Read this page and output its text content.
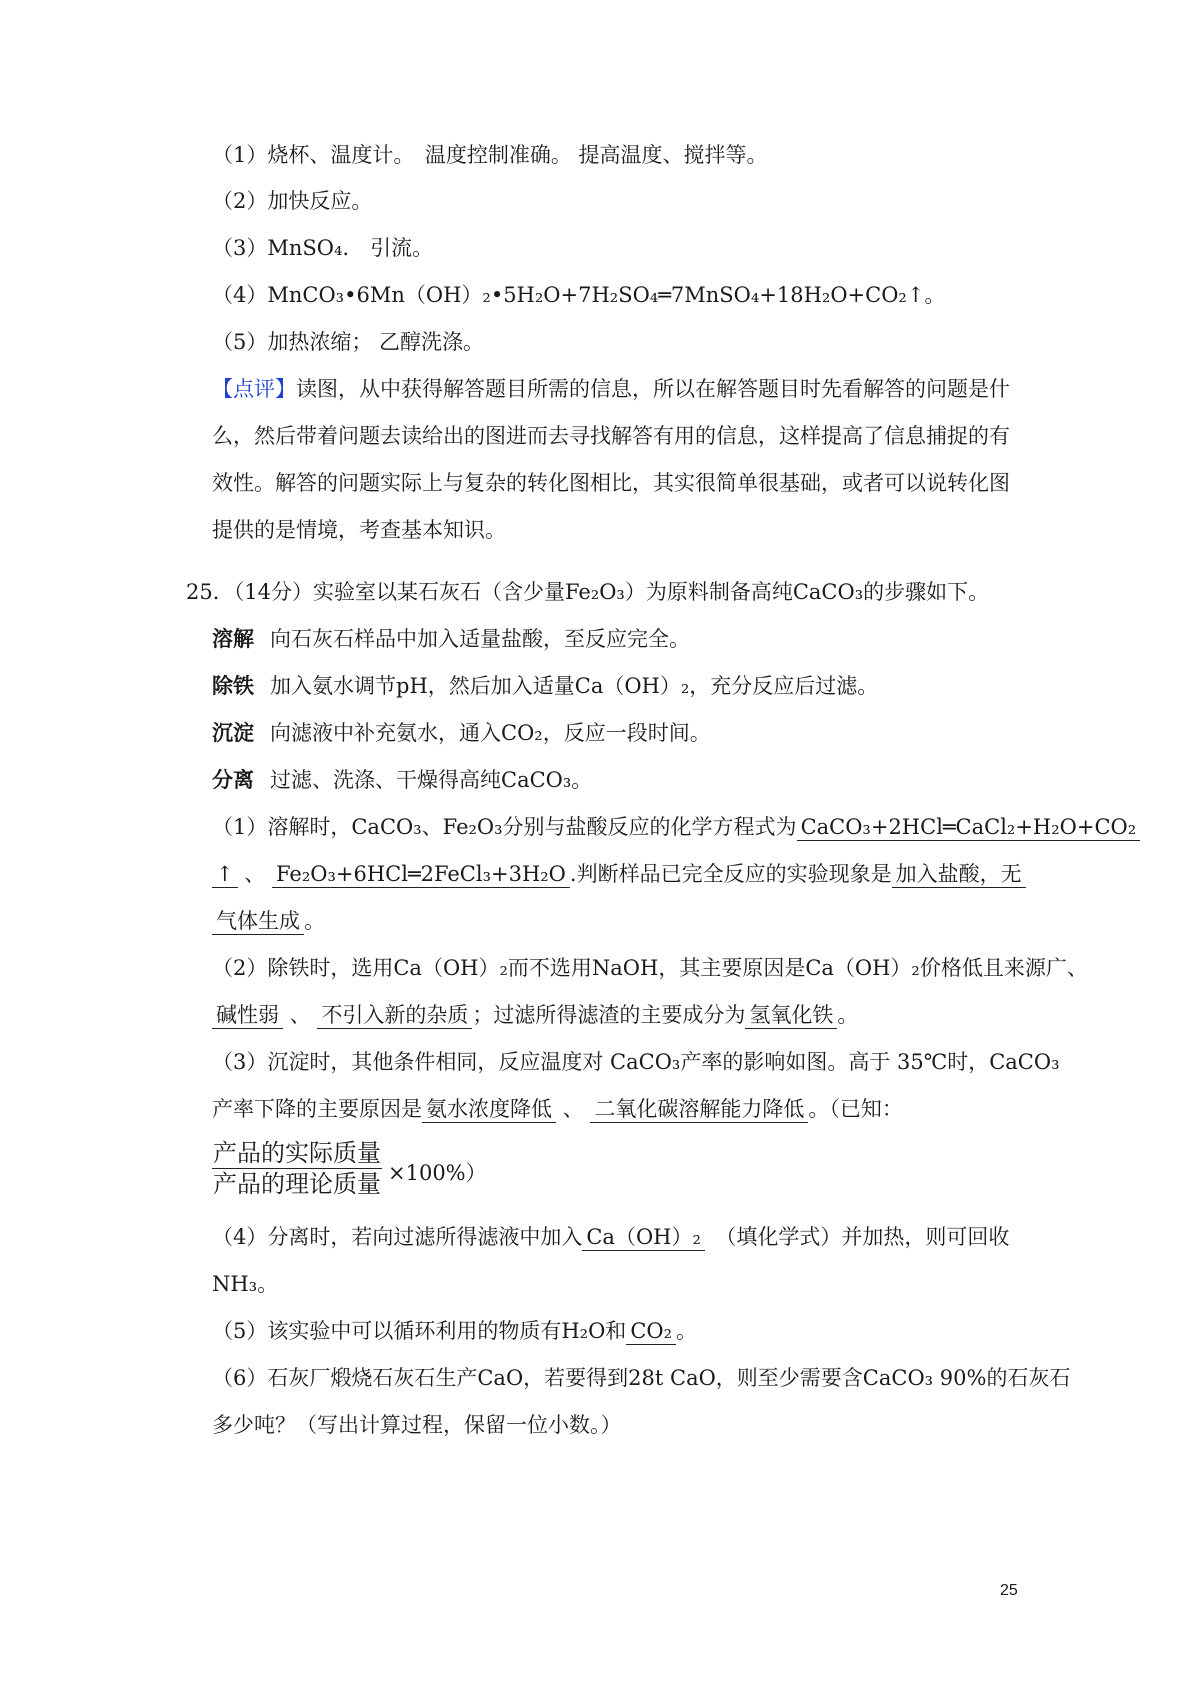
（1）烧杯、温度计。　温度控制准确。 提高温度、搅拌等。
（2）加快反应。
（3）MnSO₄.　引流。
（4）MnCO₃•6Mn（OH）₂•5H₂O+7H₂SO₄═7MnSO₄+18H₂O+CO₂↑。
（5）加热浓缩； 乙醇洗涤。
【点评】读图，从中获得解答题目所需的信息，所以在解答题目时先看解答的问题是什
么，然后带着问题去读给出的图进而去寻找解答有用的信息，这样提高了信息捕捉的有
效性。解答的问题实际上与复杂的转化图相比，其实很简单很基础，或者可以说转化图
提供的是情境，考查基本知识。
25．（14分）实验室以某石灰石（含少量Fe₂O₃）为原料制备高纯CaCO₃的步骤如下。
溶解 向石灰石样品中加入适量盐酸，至反应完全。
除铁 加入氨水调节pH，然后加入适量Ca（OH）₂，充分反应后过滤。
沉淀 向滤液中补充氨水，通入CO₂，反应一段时间。
分离 过滤、洗涤、干燥得高纯CaCO₃。
（1）溶解时，CaCO₃、Fe₂O₃分别与盐酸反应的化学方程式为 CaCO₃+2HCl═CaCl₂+H₂O+CO₂
↑ 、 Fe₂O₃+6HCl═2FeCl₃+3H₂O .判断样品已完全反应的实验现象是 加入盐酸，无
气体生成 。
（2）除铁时，选用Ca（OH）₂而不选用NaOH，其主要原因是Ca（OH）₂价格低且来源广、
碱性弱 、 不引入新的杂质 ；过滤所得滤渣的主要成分为 氢氧化铁 。
（3）沉淀时，其他条件相同，反应温度对 CaCO₃产率的影响如图。高于 35℃时，CaCO₃
产率下降的主要原因是 氨水浓度降低 、 二氧化碳溶解能力降低 。（已知：
产品的实际质量
产品的理论质量 ×100%）
（4）分离时，若向过滤所得滤液中加入 Ca（OH）₂　 （填化学式）并加热，则可回收
NH₃。
（5）该实验中可以循环利用的物质有H₂O和 CO₂ 。
（6）石灰厂煅烧石灰石生产CaO，若要得到28t CaO，则至少需要含CaCO₃ 90%的石灰石
多少吨？（写出计算过程，保留一位小数。）
25
